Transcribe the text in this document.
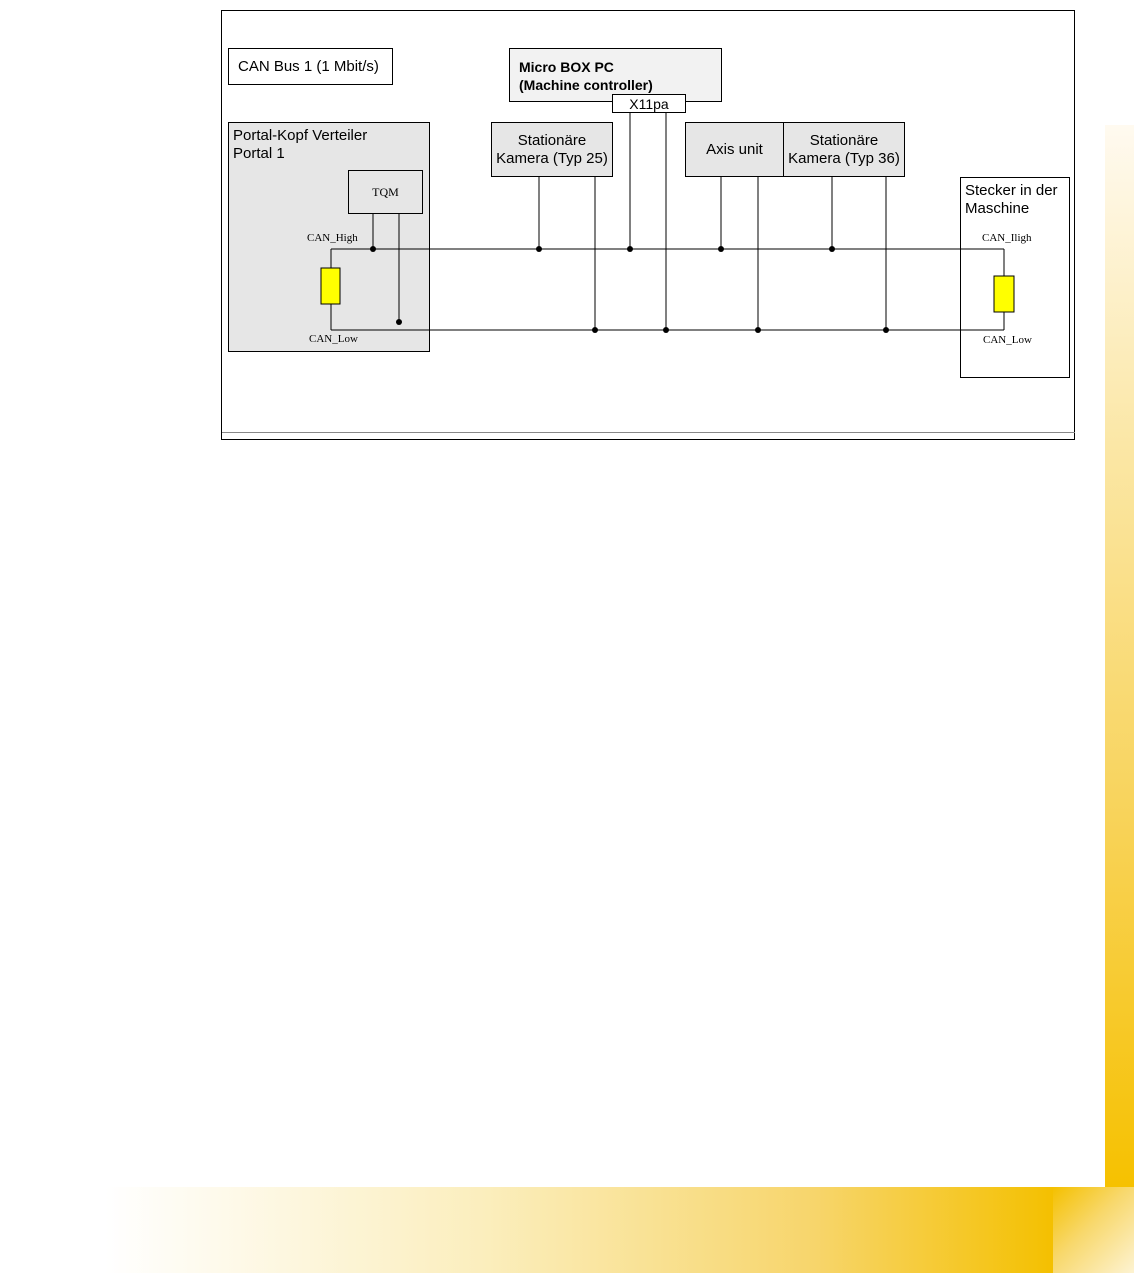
CAN Bus 1 (1 Mbit/s)	Micro BOX PC
(Machine controller)
X11pa
Portal-Kopf Verteiler
Portal 1
TQM
Stationäre
Kamera (Typ 25)
Axis unit
Stationäre
Kamera (Typ 36)
Stecker in der
Maschine
CAN_High
CAN_Low
CAN_Iligh
CAN_Low
